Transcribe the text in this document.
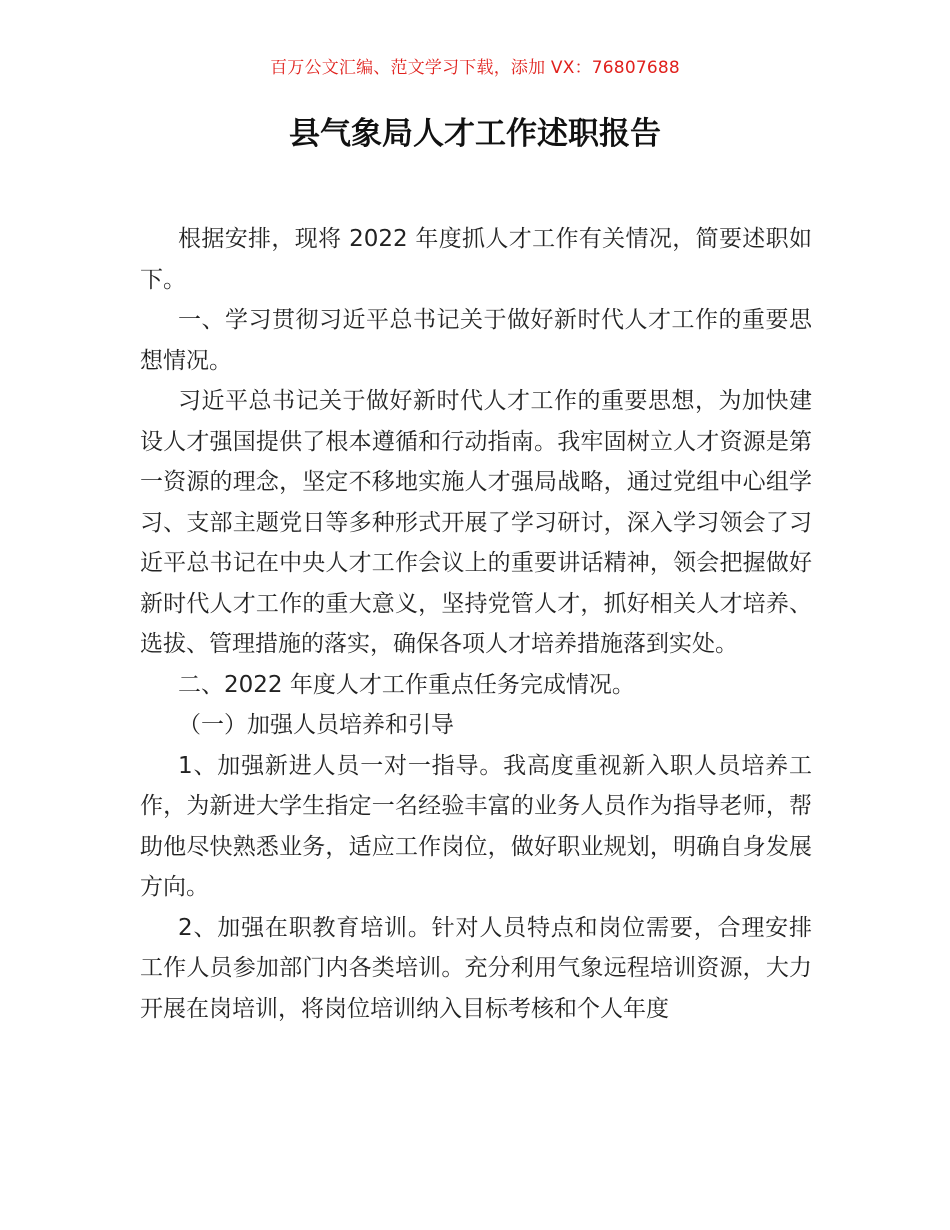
百万公文汇编、范文学习下载，添加 VX：76807688
县气象局人才工作述职报告

根据安排，现将 2022 年度抓人才工作有关情况，简要述职如下。

一、学习贯彻习近平总书记关于做好新时代人才工作的重要思想情况。

习近平总书记关于做好新时代人才工作的重要思想，为加快建设人才强国提供了根本遵循和行动指南。我牢固树立人才资源是第一资源的理念，坚定不移地实施人才强局战略，通过党组中心组学习、支部主题党日等多种形式开展了学习研讨，深入学习领会了习近平总书记在中央人才工作会议上的重要讲话精神，领会把握做好新时代人才工作的重大意义，坚持党管人才，抓好相关人才培养、选拔、管理措施的落实，确保各项人才培养措施落到实处。

二、2022 年度人才工作重点任务完成情况。

（一）加强人员培养和引导

1、加强新进人员一对一指导。我高度重视新入职人员培养工作，为新进大学生指定一名经验丰富的业务人员作为指导老师，帮助他尽快熟悉业务，适应工作岗位，做好职业规划，明确自身发展方向。

2、加强在职教育培训。针对人员特点和岗位需要，合理安排工作人员参加部门内各类培训。充分利用气象远程培训资源，大力开展在岗培训，将岗位培训纳入目标考核和个人年度
